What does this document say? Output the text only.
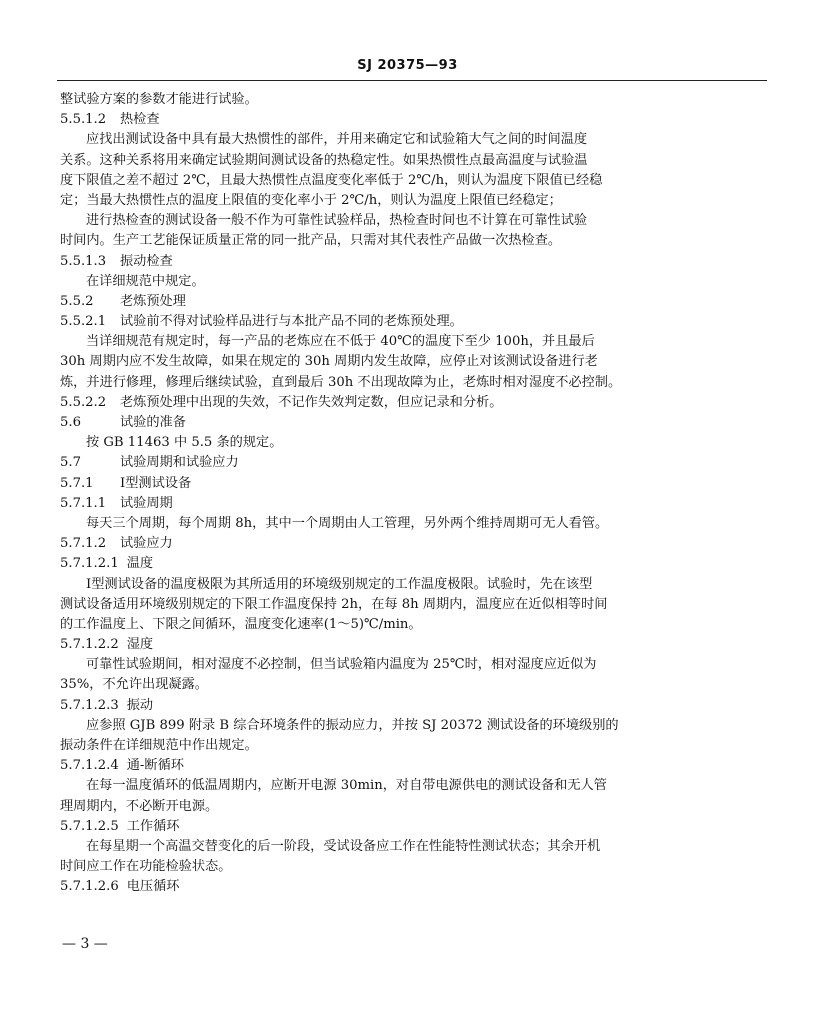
SJ 20375—93
整试验方案的参数才能进行试验。
5.5.1.2 热检查
应找出测试设备中具有最大热惯性的部件，并用来确定它和试验箱大气之间的时间温度
关系。这种关系将用来确定试验期间测试设备的热稳定性。如果热惯性点最高温度与试验温
度下限值之差不超过 2℃，且最大热惯性点温度变化率低于 2℃/h，则认为温度下限值已经稳
定；当最大热惯性点的温度上限值的变化率小于 2℃/h，则认为温度上限值已经稳定；
进行热检查的测试设备一般不作为可靠性试验样品，热检查时间也不计算在可靠性试验
时间内。生产工艺能保证质量正常的同一批产品，只需对其代表性产品做一次热检查。
5.5.1.3 振动检查
在详细规范中规定。
5.5.2 老炼预处理
5.5.2.1 试验前不得对试验样品进行与本批产品不同的老炼预处理。
当详细规范有规定时，每一产品的老炼应在不低于 40℃的温度下至少 100h，并且最后
30h 周期内应不发生故障，如果在规定的 30h 周期内发生故障，应停止对该测试设备进行老
炼，并进行修理，修理后继续试验，直到最后 30h 不出现故障为止，老炼时相对湿度不必控制。
5.5.2.2 老炼预处理中出现的失效，不记作失效判定数，但应记录和分析。
5.6	试验的准备
按 GB 11463 中 5.5 条的规定。
5.7	试验周期和试验应力
5.7.1 Ⅰ型测试设备
5.7.1.1 试验周期
每天三个周期，每个周期 8h，其中一个周期由人工管理，另外两个维持周期可无人看管。
5.7.1.2 试验应力
5.7.1.2.1 温度
Ⅰ型测试设备的温度极限为其所适用的环境级别规定的工作温度极限。试验时，先在该型
测试设备适用环境级别规定的下限工作温度保持 2h，在每 8h 周期内，温度应在近似相等时间
的工作温度上、下限之间循环，温度变化速率(1～5)℃/min。
5.7.1.2.2 湿度
可靠性试验期间，相对湿度不必控制，但当试验箱内温度为 25℃时，相对湿度应近似为
35%，不允许出现凝露。
5.7.1.2.3 振动
应参照 GJB 899 附录 B 综合环境条件的振动应力，并按 SJ 20372 测试设备的环境级别的
振动条件在详细规范中作出规定。
5.7.1.2.4 通-断循环
在每一温度循环的低温周期内，应断开电源 30min，对自带电源供电的测试设备和无人管
理周期内，不必断开电源。
5.7.1.2.5 工作循环
在每星期一个高温交替变化的后一阶段，受试设备应工作在性能特性测试状态；其余开机
时间应工作在功能检验状态。
5.7.1.2.6 电压循环
— 3 —
